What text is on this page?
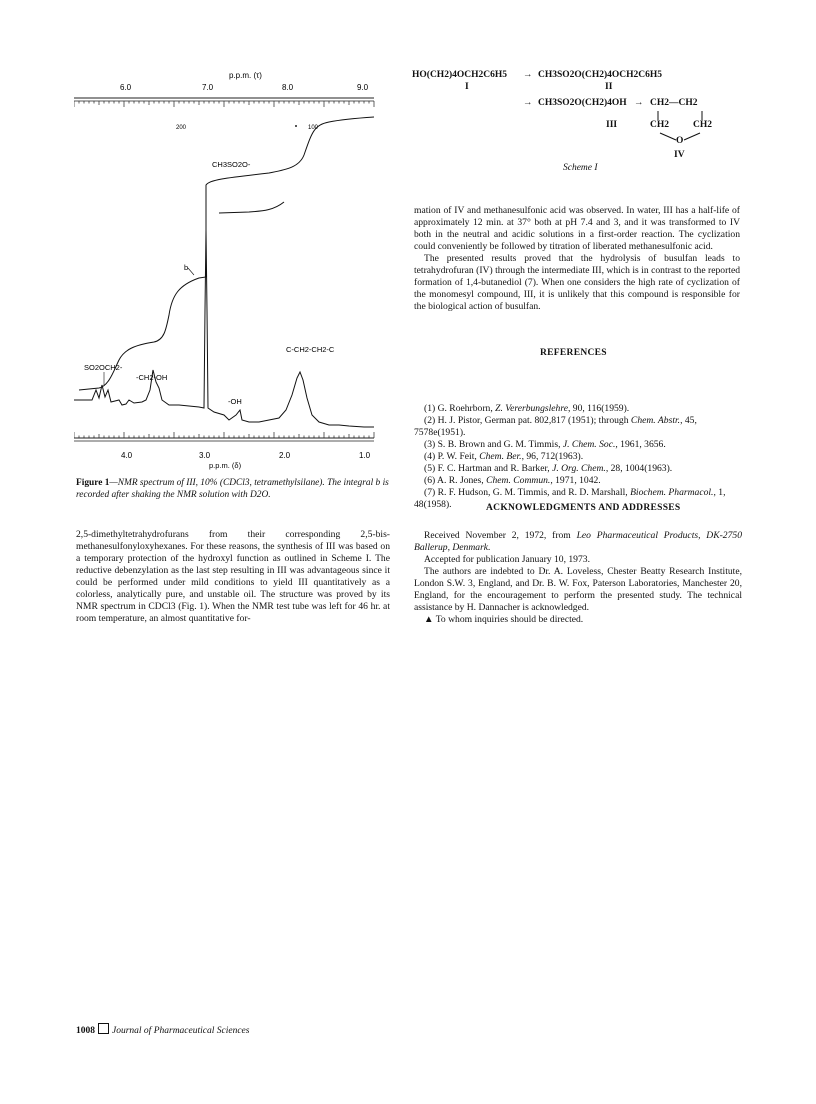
p.p.m. (τ)
6.0	7.0	8.0	9.0
200	100
4.0	3.0	2.0	1.0
p.p.m. (δ)
CH3SO2O-
b
C-CH2-CH2-C
SO2OCH2-
-CH2-OH
-OH
Figure 1—NMR spectrum of III, 10% (CDCl3, tetramethylsilane). The integral b is recorded after shaking the NMR solution with D2O.
HO(CH2)4OCH2C6H5 → CH3SO2O(CH2)4OCH2C6H5
I	II
→ CH3SO2O(CH2)4OH → CH2—CH2
III	CH2	CH2
O
IV
Scheme I

mation of IV and methanesulfonic acid was observed. In water, III has a half-life of approximately 12 min. at 37° both at pH 7.4 and 3, and it was transformed to IV both in the neutral and acidic solutions in a first-order reaction. The cyclization could conveniently be followed by titration of liberated methanesulfonic acid.

The presented results proved that the hydrolysis of busulfan leads to tetrahydrofuran (IV) through the intermediate III, which is in contrast to the reported formation of 1,4-butanediol (7). When one considers the high rate of cyclization of the monomesyl compound, III, it is unlikely that this compound is responsible for the biological action of busulfan.

REFERENCES
(1) G. Roehrborn, Z. Vererbungslehre, 90, 116(1959).
(2) H. J. Pistor, German pat. 802,817 (1951); through Chem. Abstr., 45, 7578e(1951).
(3) S. B. Brown and G. M. Timmis, J. Chem. Soc., 1961, 3656.
(4) P. W. Feit, Chem. Ber., 96, 712(1963).
(5) F. C. Hartman and R. Barker, J. Org. Chem., 28, 1004(1963).
(6) A. R. Jones, Chem. Commun., 1971, 1042.
(7) R. F. Hudson, G. M. Timmis, and R. D. Marshall, Biochem. Pharmacol., 1, 48(1958).	ACKNOWLEDGMENTS AND ADDRESSES

Received November 2, 1972, from Leo Pharmaceutical Products, DK-2750 Ballerup, Denmark.

Accepted for publication January 10, 1973.

The authors are indebted to Dr. A. Loveless, Chester Beatty Research Institute, London S.W. 3, England, and Dr. B. W. Fox, Paterson Laboratories, Manchester 20, England, for the encouragement to perform the presented study. The technical assistance by H. Dannacher is acknowledged.

▲ To whom inquiries should be directed.

2,5-dimethyltetrahydrofurans from their corresponding 2,5-bis-methanesulfonyloxyhexanes. For these reasons, the synthesis of III was based on a temporary protection of the hydroxyl function as outlined in Scheme I. The reductive debenzylation as the last step resulting in III was advantageous since it could be performed under mild conditions to yield III quantitatively as a colorless, analytically pure, and unstable oil. The structure was proved by its NMR spectrum in CDCl3 (Fig. 1). When the NMR test tube was left for 46 hr. at room temperature, an almost quantitative for-

1008 Journal of Pharmaceutical Sciences
